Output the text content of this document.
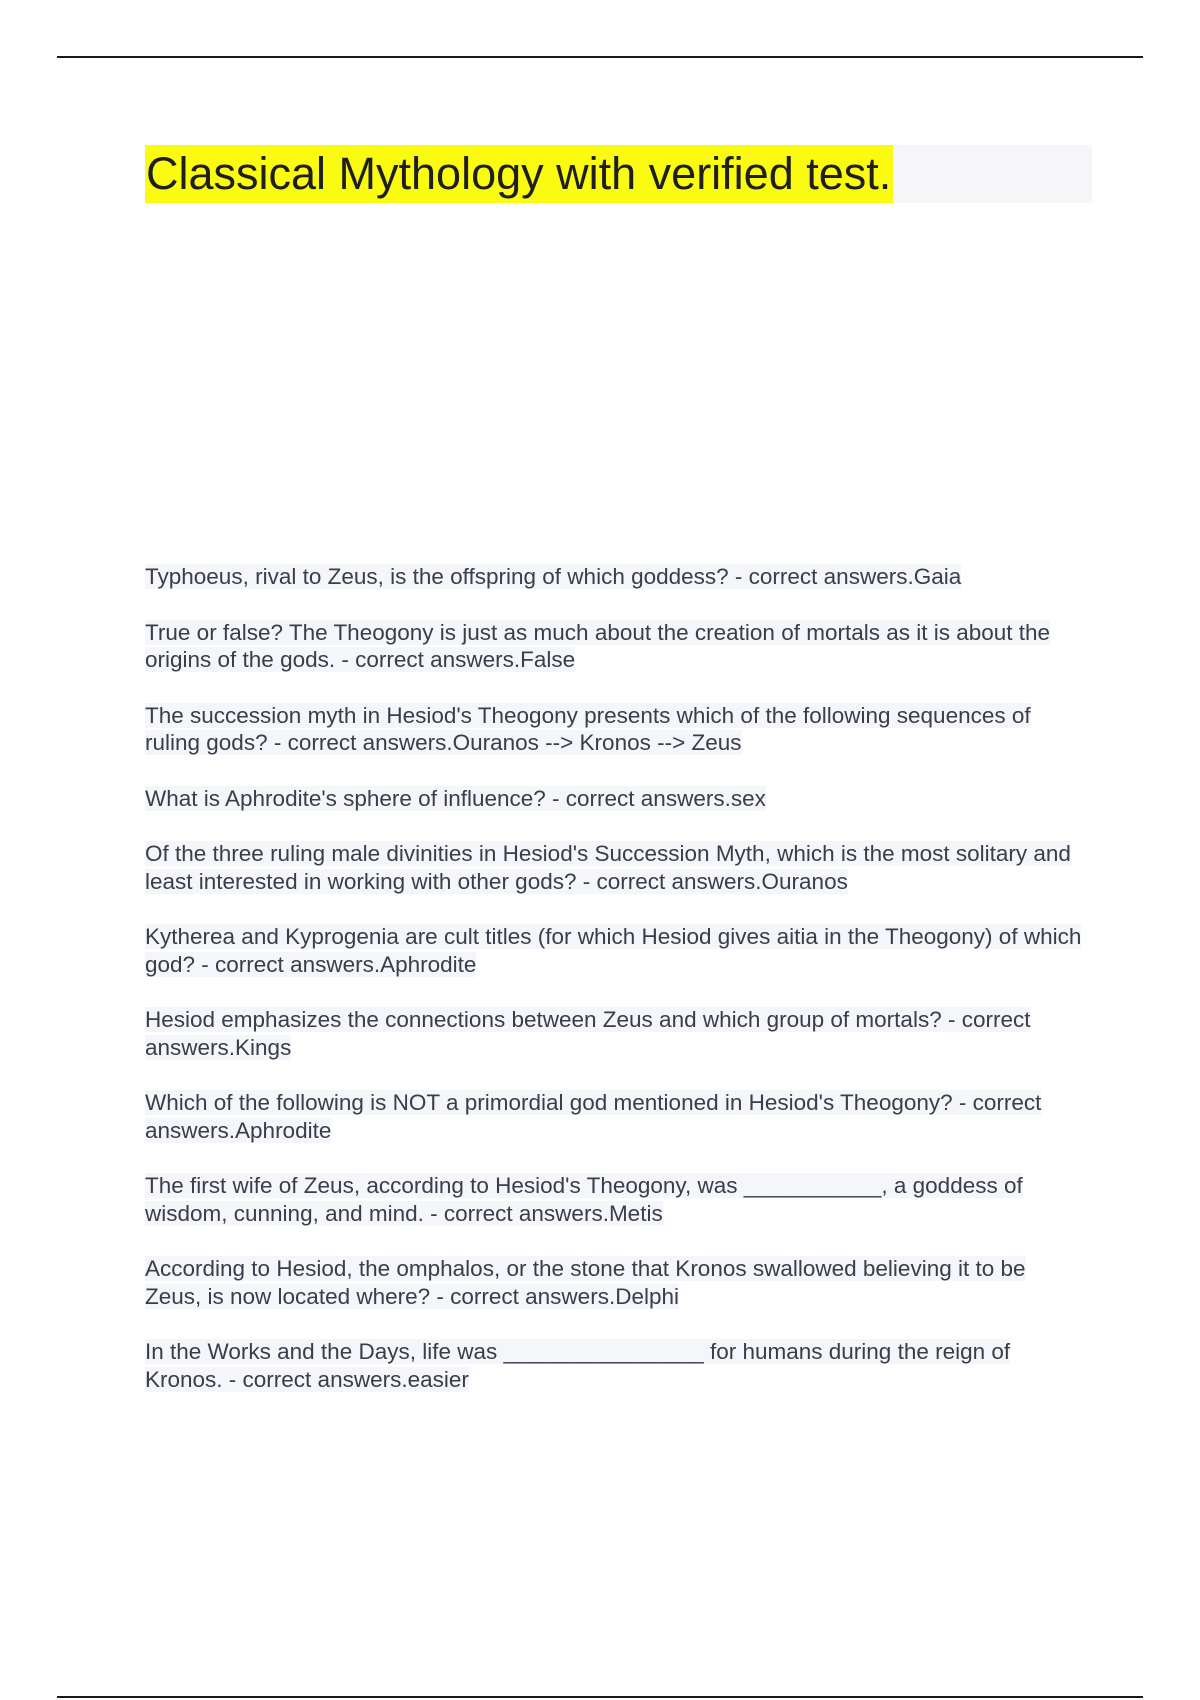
Classical Mythology with verified test.

Typhoeus, rival to Zeus, is the offspring of which goddess? - correct answers.Gaia

True or false? The Theogony is just as much about the creation of mortals as it is about the origins of the gods. - correct answers.False

The succession myth in Hesiod's Theogony presents which of the following sequences of ruling gods? - correct answers.Ouranos --> Kronos --> Zeus

What is Aphrodite's sphere of influence? - correct answers.sex

Of the three ruling male divinities in Hesiod's Succession Myth, which is the most solitary and least interested in working with other gods? - correct answers.Ouranos

Kytherea and Kyprogenia are cult titles (for which Hesiod gives aitia in the Theogony) of which god? - correct answers.Aphrodite

Hesiod emphasizes the connections between Zeus and which group of mortals? - correct answers.Kings

Which of the following is NOT a primordial god mentioned in Hesiod's Theogony? - correct answers.Aphrodite

The first wife of Zeus, according to Hesiod's Theogony, was ___________, a goddess of wisdom, cunning, and mind. - correct answers.Metis

According to Hesiod, the omphalos, or the stone that Kronos swallowed believing it to be Zeus, is now located where? - correct answers.Delphi

In the Works and the Days, life was ________________ for humans during the reign of Kronos. - correct answers.easier
